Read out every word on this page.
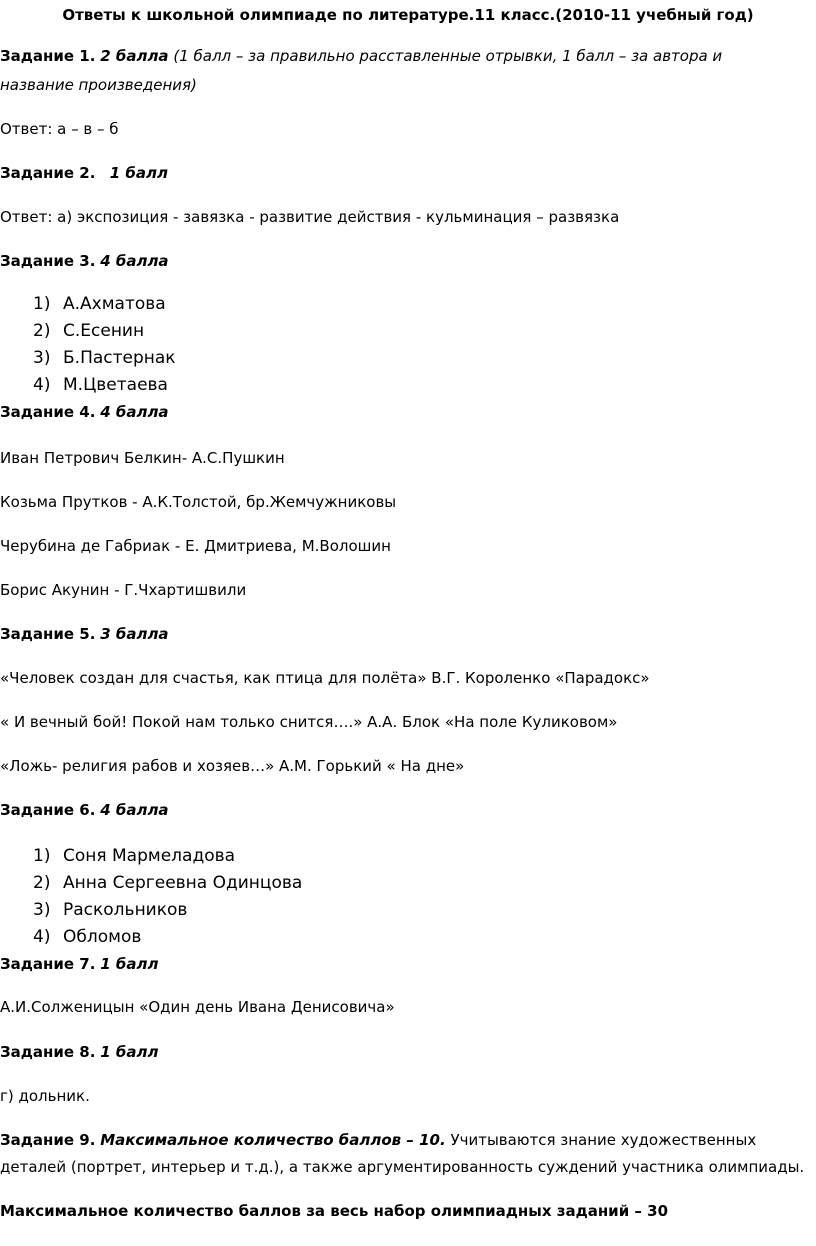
Ответы к школьной олимпиаде по литературе.11 класс.(2010-11 учебный год)
Задание 1. 2 балла (1 балл – за правильно расставленные отрывки, 1 балл – за автора и
название произведения)
Ответ: а – в – б
Задание 2. 1 балл
Ответ: а) экспозиция - завязка - развитие действия - кульминация – развязка
Задание 3. 4 балла
1) А.Ахматова
2) С.Есенин
3) Б.Пастернак
4) М.Цветаева
Задание 4. 4 балла
Иван Петрович Белкин- А.С.Пушкин
Козьма Прутков - А.К.Толстой, бр.Жемчужниковы
Черубина де Габриак - Е. Дмитриева, М.Волошин
Борис Акунин - Г.Чхартишвили
Задание 5. 3 балла
«Человек создан для счастья, как птица для полёта» В.Г. Короленко «Парадокс»
« И вечный бой! Покой нам только снится….» А.А. Блок «На поле Куликовом»
«Ложь- религия рабов и хозяев…» А.М. Горький « На дне»
Задание 6. 4 балла
1) Соня Мармеладова
2) Анна Сергеевна Одинцова
3) Раскольников
4) Обломов
Задание 7. 1 балл
А.И.Солженицын «Один день Ивана Денисовича»
Задание 8. 1 балл
г) дольник.
Задание 9. Максимальное количество баллов – 10. Учитываются знание художественных
деталей (портрет, интерьер и т.д.), а также аргументированность суждений участника олимпиады.
Максимальное количество баллов за весь набор олимпиадных заданий – 30
